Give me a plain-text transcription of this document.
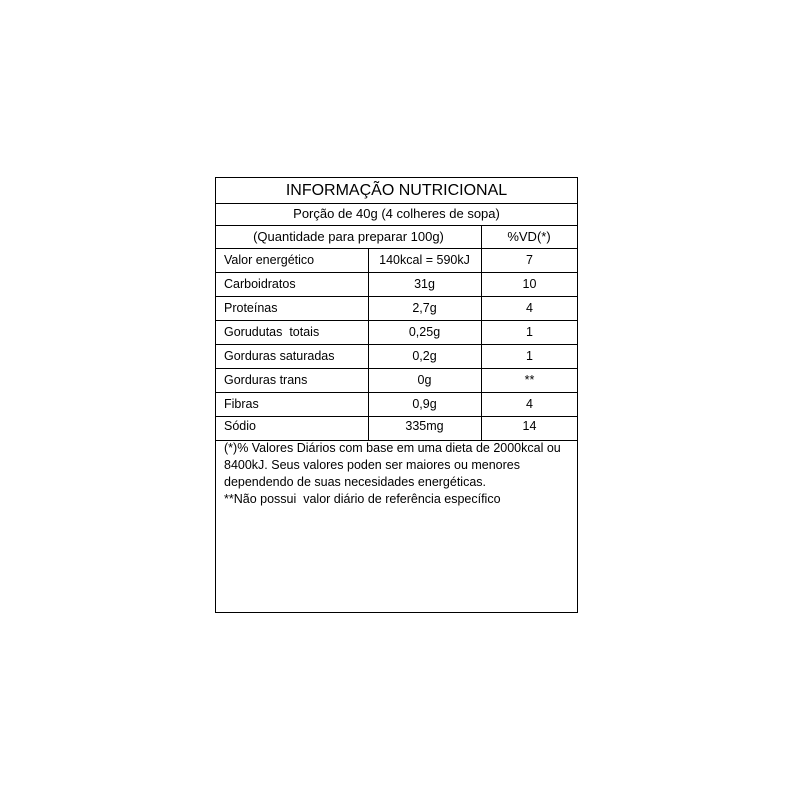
INFORMAÇÃO NUTRICIONAL
Porção de 40g (4 colheres de sopa)
(Quantidade para preparar 100g)	%VD(*)
Valor energético	140kcal = 590kJ	7
Carboidratos	31g	10
Proteínas	2,7g	4
Gorudutas  totais	0,25g	1
Gorduras saturadas	0,2g	1
Gorduras trans	0g	**
Fibras	0,9g	4
Sódio	335mg	14

(*)% Valores Diários com base em uma dieta de 2000kcal ou 8400kJ. Seus valores poden ser maiores ou menores dependendo de suas necesidades energéticas.

**Não possui  valor diário de referência específico
